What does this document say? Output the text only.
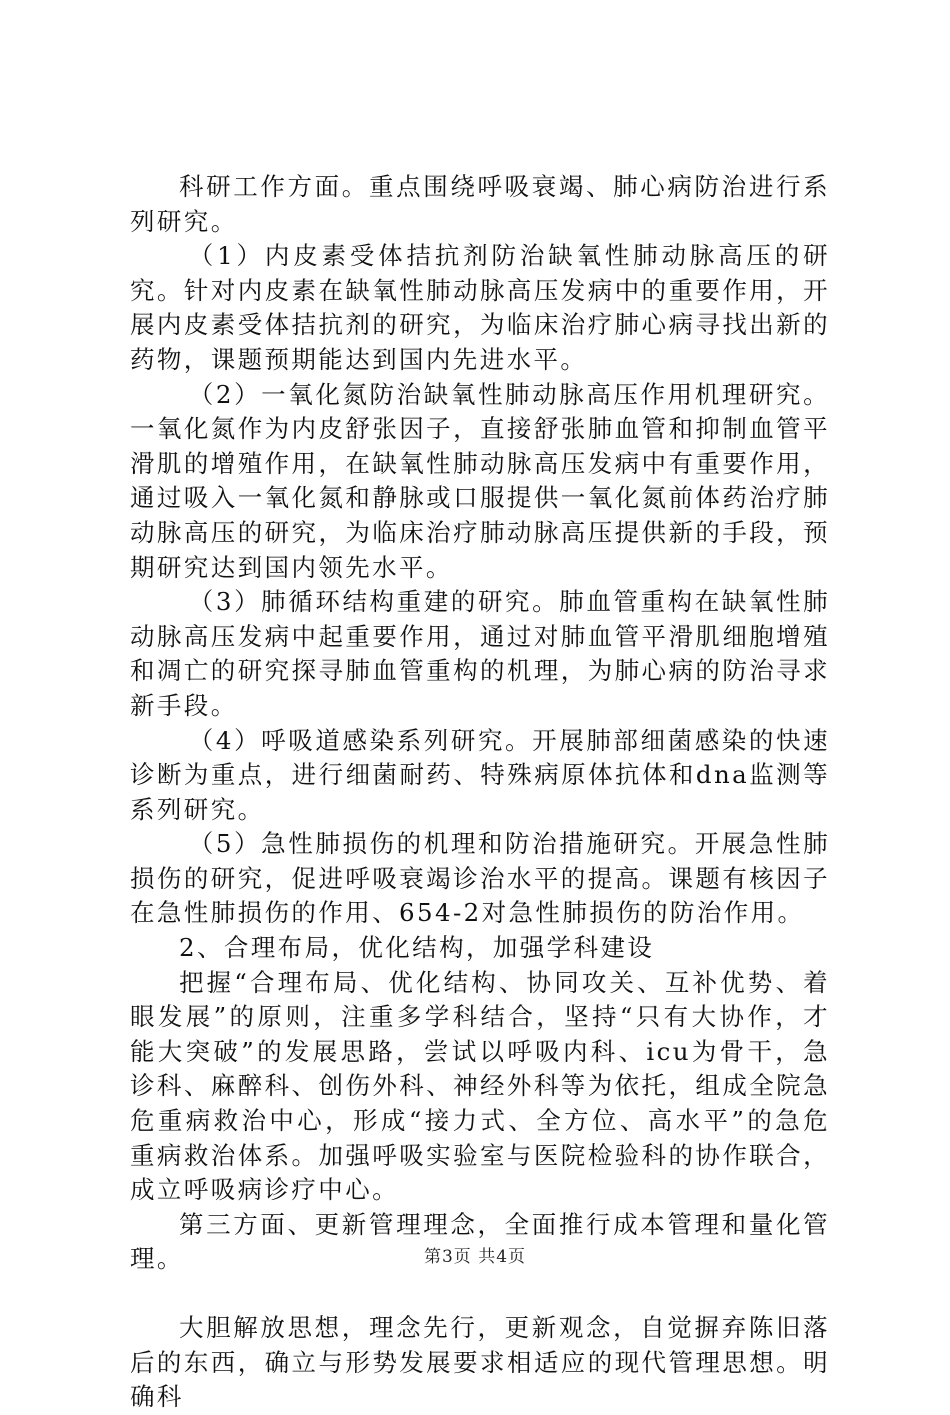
科研工作方面。重点围绕呼吸衰竭、肺心病防治进行系列研究。

（1）内皮素受体拮抗剂防治缺氧性肺动脉高压的研究。针对内皮素在缺氧性肺动脉高压发病中的重要作用，开展内皮素受体拮抗剂的研究，为临床治疗肺心病寻找出新的药物，课题预期能达到国内先进水平。

（2）一氧化氮防治缺氧性肺动脉高压作用机理研究。一氧化氮作为内皮舒张因子，直接舒张肺血管和抑制血管平滑肌的增殖作用，在缺氧性肺动脉高压发病中有重要作用，通过吸入一氧化氮和静脉或口服提供一氧化氮前体药治疗肺动脉高压的研究，为临床治疗肺动脉高压提供新的手段，预期研究达到国内领先水平。

（3）肺循环结构重建的研究。肺血管重构在缺氧性肺动脉高压发病中起重要作用，通过对肺血管平滑肌细胞增殖和凋亡的研究探寻肺血管重构的机理，为肺心病的防治寻求新手段。

（4）呼吸道感染系列研究。开展肺部细菌感染的快速诊断为重点，进行细菌耐药、特殊病原体抗体和dna监测等系列研究。

（5）急性肺损伤的机理和防治措施研究。开展急性肺损伤的研究，促进呼吸衰竭诊治水平的提高。课题有核因子在急性肺损伤的作用、654-2对急性肺损伤的防治作用。

2、合理布局，优化结构，加强学科建设

把握“合理布局、优化结构、协同攻关、互补优势、着眼发展”的原则，注重多学科结合，坚持“只有大协作，才能大突破”的发展思路，尝试以呼吸内科、icu为骨干，急诊科、麻醉科、创伤外科、神经外科等为依托，组成全院急危重病救治中心，形成“接力式、全方位、高水平”的急危重病救治体系。加强呼吸实验室与医院检验科的协作联合，成立呼吸病诊疗中心。

第三方面、更新管理理念，全面推行成本管理和量化管理。

大胆解放思想，理念先行，更新观念，自觉摒弃陈旧落后的东西，确立与形势发展要求相适应的现代管理思想。明确科

第3页 共4页
